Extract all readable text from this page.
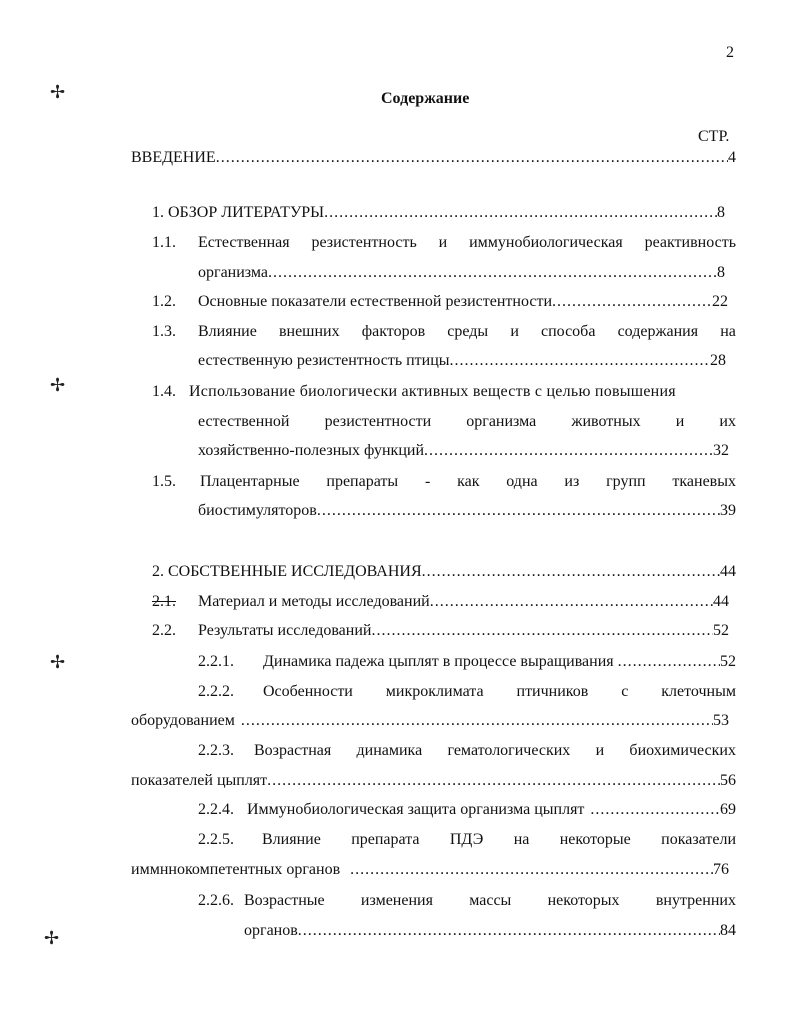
2
✢
✢
✢
✢
Содержание
СТР.
ВВЕДЕНИЕ .....	4
1. ОБЗОР ЛИТЕРАТУРЫ .....	8
1.1. Естественная резистентность и иммунобиологическая реактивность
организма .....	8
1.2. Основные показатели естественной резистентности .....	22
1.3. Влияние внешних факторов среды и способа содержания на
естественную резистентность птицы .....	28
1.4. Использование биологически активных веществ с целью повышения
естественной резистентности организма животных и их
хозяйственно-полезных функций .....	32
1.5. Плацентарные препараты - как одна из групп тканевых
биостимуляторов .....	39
2. СОБСТВЕННЫЕ ИССЛЕДОВАНИЯ .....	44
2.1. Материал и методы исследований .....	44
2.2. Результаты исследований .....	52
2.2.1. Динамика падежа цыплят в процессе выращивания .....	52
2.2.2. Особенности микроклимата птичников с клеточным
оборудованием .....	53
2.2.3. Возрастная динамика гематологических и биохимических
показателей цыплят .....	56
2.2.4. Иммунобиологическая защита организма цыплят .....	69
2.2.5. Влияние препарата ПДЭ на некоторые показатели
иммннокомпетентных органов .....	76
2.2.6. Возрастные изменения массы некоторых внутренних
органов .....	84
